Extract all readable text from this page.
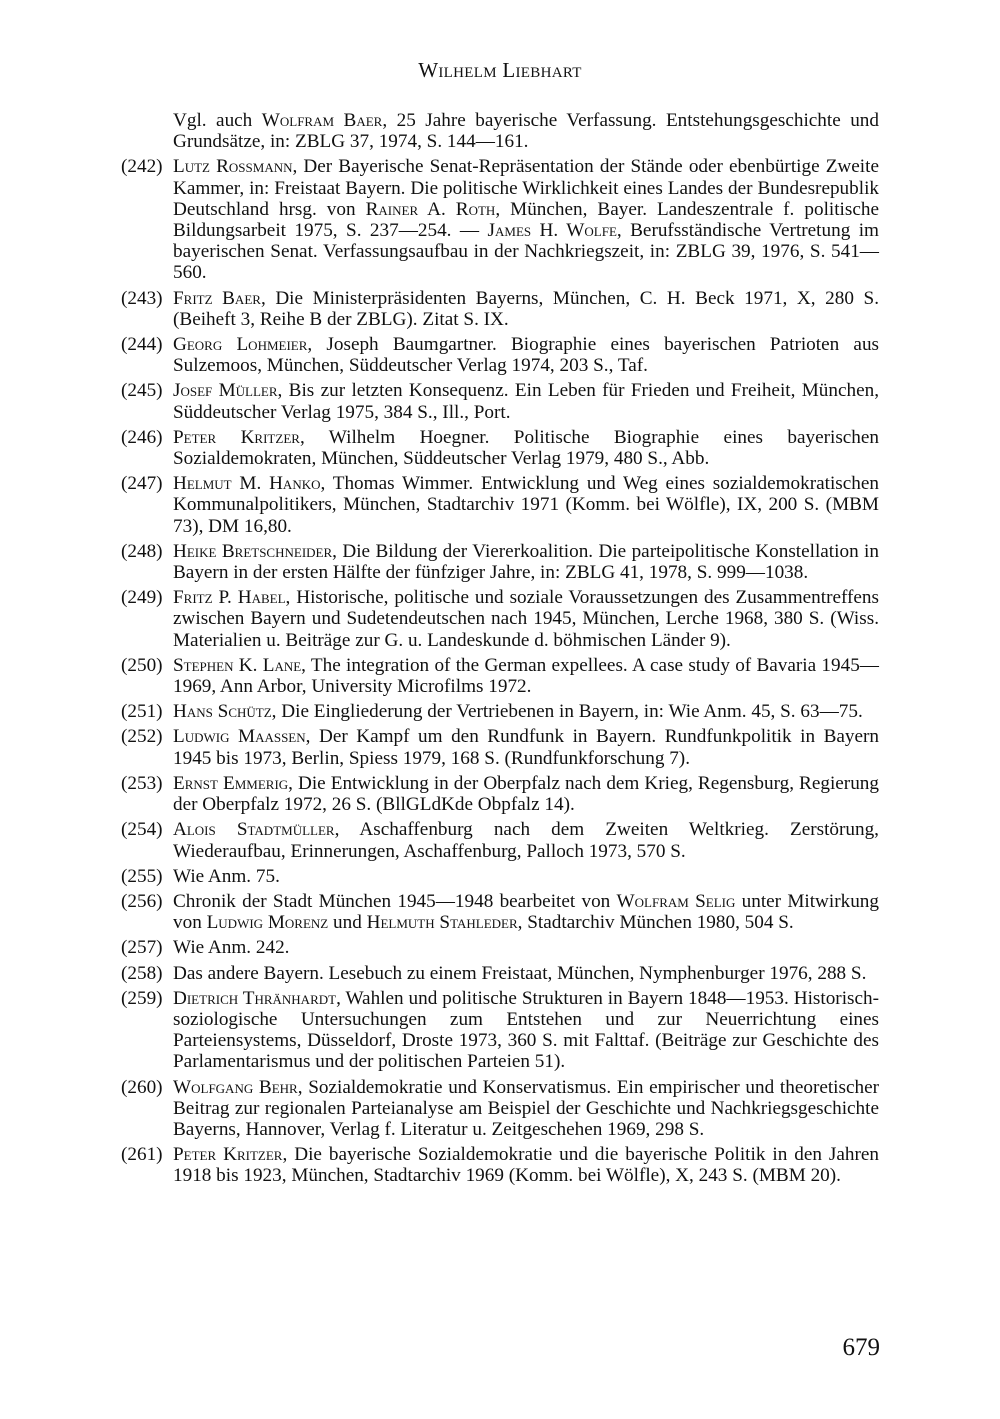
Wilhelm Liebhart
Vgl. auch Wolfram Baer, 25 Jahre bayerische Verfassung. Entstehungsgeschichte und Grundsätze, in: ZBLG 37, 1974, S. 144—161.
(242) Lutz Rossmann, Der Bayerische Senat-Repräsentation der Stände oder ebenbürtige Zweite Kammer, in: Freistaat Bayern. Die politische Wirklichkeit eines Landes der Bundesrepublik Deutschland hrsg. von Rainer A. Roth, München, Bayer. Landeszentrale f. politische Bildungsarbeit 1975, S. 237—254. — James H. Wolfe, Berufsständische Vertretung im bayerischen Senat. Verfassungsaufbau in der Nachkriegszeit, in: ZBLG 39, 1976, S. 541—560.
(243) Fritz Baer, Die Ministerpräsidenten Bayerns, München, C. H. Beck 1971, X, 280 S. (Beiheft 3, Reihe B der ZBLG). Zitat S. IX.
(244) Georg Lohmeier, Joseph Baumgartner. Biographie eines bayerischen Patrioten aus Sulzemoos, München, Süddeutscher Verlag 1974, 203 S., Taf.
(245) Josef Müller, Bis zur letzten Konsequenz. Ein Leben für Frieden und Freiheit, München, Süddeutscher Verlag 1975, 384 S., Ill., Port.
(246) Peter Kritzer, Wilhelm Hoegner. Politische Biographie eines bayerischen Sozialdemokraten, München, Süddeutscher Verlag 1979, 480 S., Abb.
(247) Helmut M. Hanko, Thomas Wimmer. Entwicklung und Weg eines sozialdemokratischen Kommunalpolitikers, München, Stadtarchiv 1971 (Komm. bei Wölfle), IX, 200 S. (MBM 73), DM 16,80.
(248) Heike Bretschneider, Die Bildung der Viererkoalition. Die parteipolitische Konstellation in Bayern in der ersten Hälfte der fünfziger Jahre, in: ZBLG 41, 1978, S. 999—1038.
(249) Fritz P. Habel, Historische, politische und soziale Voraussetzungen des Zusammentreffens zwischen Bayern und Sudetendeutschen nach 1945, München, Lerche 1968, 380 S. (Wiss. Materialien u. Beiträge zur G. u. Landeskunde d. böhmischen Länder 9).
(250) Stephen K. Lane, The integration of the German expellees. A case study of Bavaria 1945—1969, Ann Arbor, University Microfilms 1972.
(251) Hans Schütz, Die Eingliederung der Vertriebenen in Bayern, in: Wie Anm. 45, S. 63—75.
(252) Ludwig Maassen, Der Kampf um den Rundfunk in Bayern. Rundfunkpolitik in Bayern 1945 bis 1973, Berlin, Spiess 1979, 168 S. (Rundfunkforschung 7).
(253) Ernst Emmerig, Die Entwicklung in der Oberpfalz nach dem Krieg, Regensburg, Regierung der Oberpfalz 1972, 26 S. (BllGLdKde Obpfalz 14).
(254) Alois Stadtmüller, Aschaffenburg nach dem Zweiten Weltkrieg. Zerstörung, Wiederaufbau, Erinnerungen, Aschaffenburg, Palloch 1973, 570 S.
(255) Wie Anm. 75.
(256) Chronik der Stadt München 1945—1948 bearbeitet von Wolfram Selig unter Mitwirkung von Ludwig Morenz und Helmuth Stahleder, Stadtarchiv München 1980, 504 S.
(257) Wie Anm. 242.
(258) Das andere Bayern. Lesebuch zu einem Freistaat, München, Nymphenburger 1976, 288 S.
(259) Dietrich Thränhardt, Wahlen und politische Strukturen in Bayern 1848—1953. Historisch-soziologische Untersuchungen zum Entstehen und zur Neuerrichtung eines Parteiensystems, Düsseldorf, Droste 1973, 360 S. mit Falttaf. (Beiträge zur Geschichte des Parlamentarismus und der politischen Parteien 51).
(260) Wolfgang Behr, Sozialdemokratie und Konservatismus. Ein empirischer und theoretischer Beitrag zur regionalen Parteianalyse am Beispiel der Geschichte und Nachkriegsgeschichte Bayerns, Hannover, Verlag f. Literatur u. Zeitgeschehen 1969, 298 S.
(261) Peter Kritzer, Die bayerische Sozialdemokratie und die bayerische Politik in den Jahren 1918 bis 1923, München, Stadtarchiv 1969 (Komm. bei Wölfle), X, 243 S. (MBM 20).
679
